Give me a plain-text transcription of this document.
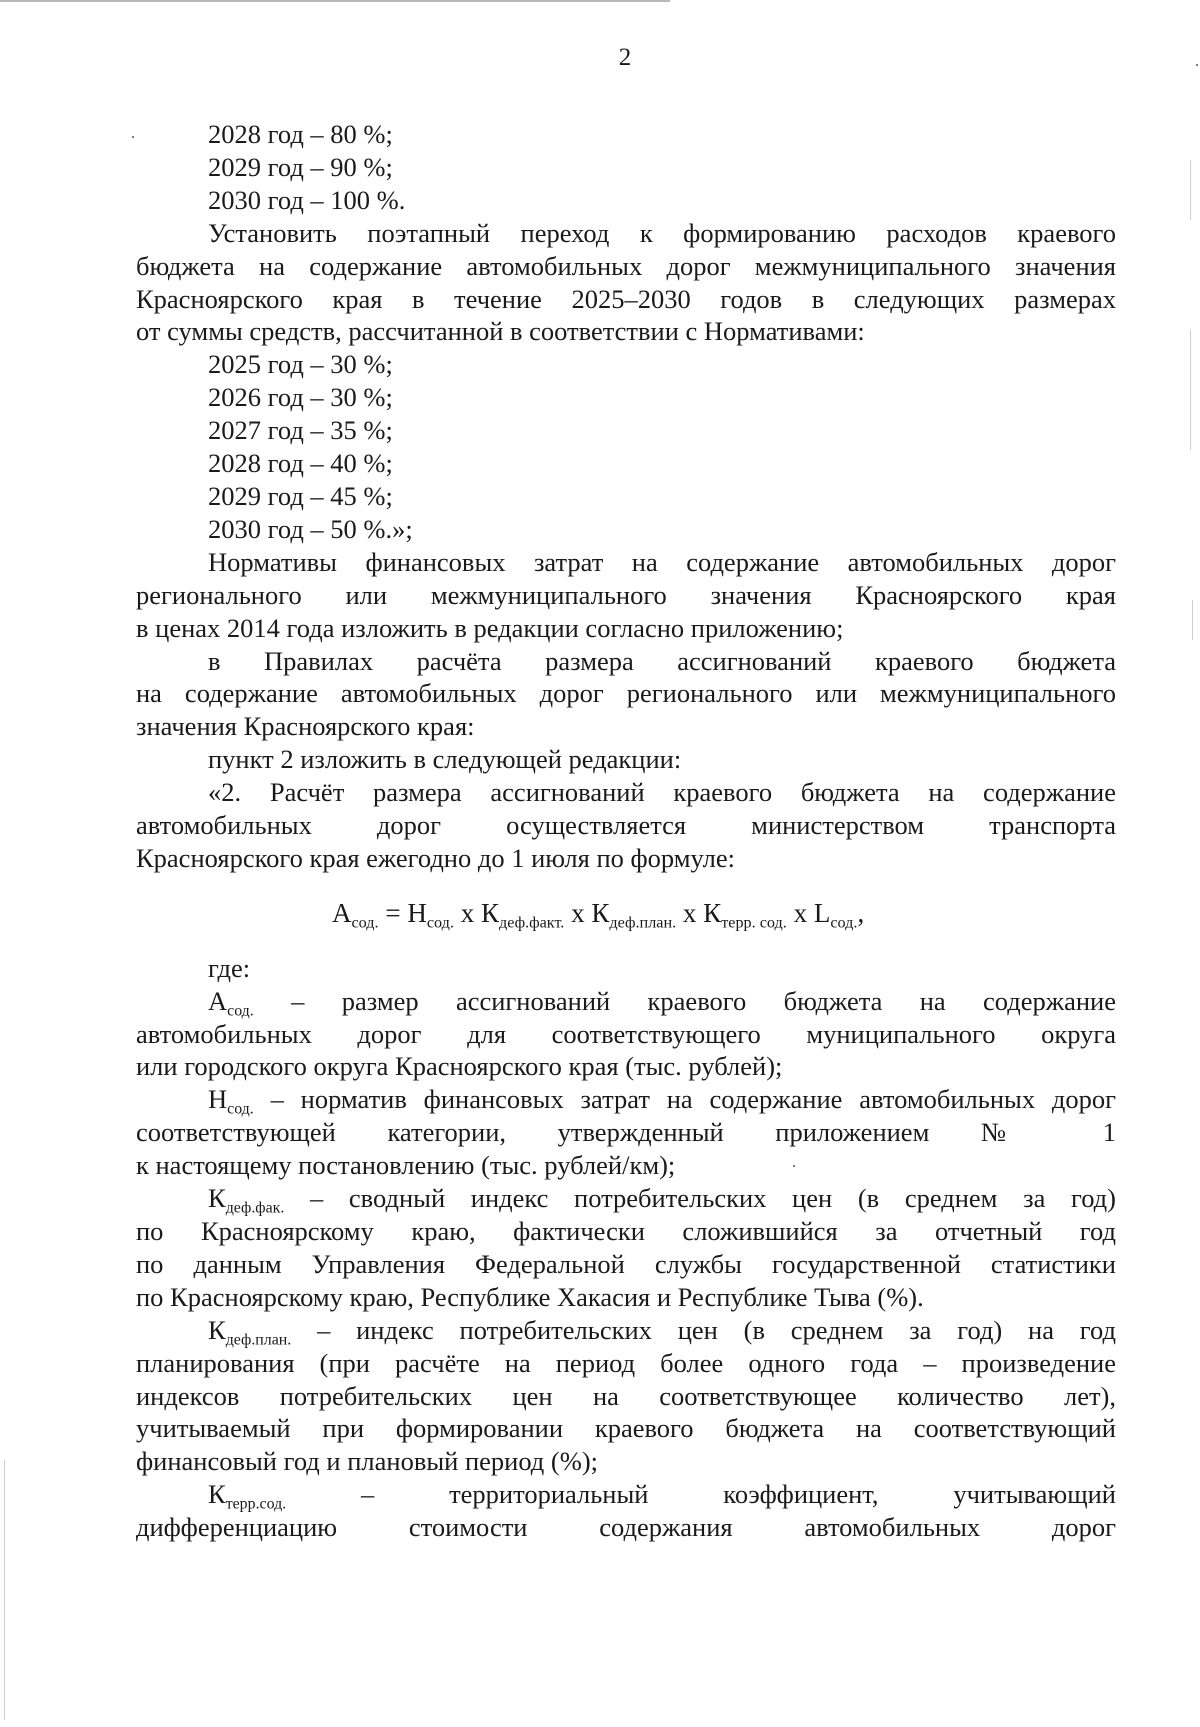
2

2028 год – 80 %;

2029 год – 90 %;

2030 год – 100 %.

Установить поэтапный переход к формированию расходов краевого

бюджета на содержание автомобильных дорог межмуниципального значения

Красноярского края в течение 2025–2030 годов в следующих размерах

от суммы средств, рассчитанной в соответствии с Нормативами:

2025 год – 30 %;

2026 год – 30 %;

2027 год – 35 %;

2028 год – 40 %;

2029 год – 45 %;

2030 год – 50 %.»;

Нормативы финансовых затрат на содержание автомобильных дорог

регионального или межмуниципального значения Красноярского края

в ценах 2014 года изложить в редакции согласно приложению;

в Правилах расчёта размера ассигнований краевого бюджета

на содержание автомобильных дорог регионального или межмуниципального

значения Красноярского края:

пункт 2 изложить в следующей редакции:

«2. Расчёт размера ассигнований краевого бюджета на содержание

автомобильных дорог осуществляется министерством транспорта

Красноярского края ежегодно до 1 июля по формуле:

$А_{сод.} = Н_{сод.}$ х $К_{деф.факт.}$ х $К_{деф.план.}$ х $К_{терр. сод.}$ х $L_{сод.}$,

где:

$А_{сод.}$ – размер ассигнований краевого бюджета на содержание

автомобильных дорог для соответствующего муниципального округа

или городского округа Красноярского края (тыс. рублей);

$Н_{сод.}$ – норматив финансовых затрат на содержание автомобильных дорог

соответствующей категории, утвержденный приложением № 1

к настоящему постановлению (тыс. рублей/км);

$К_{деф.фак.}$ – сводный индекс потребительских цен (в среднем за год)

по Красноярскому краю, фактически сложившийся за отчетный год

по данным Управления Федеральной службы государственной статистики

по Красноярскому краю, Республике Хакасия и Республике Тыва (%).

$К_{деф.план.}$ – индекс потребительских цен (в среднем за год) на год

планирования (при расчёте на период более одного года – произведение

индексов потребительских цен на соответствующее количество лет),

учитываемый при формировании краевого бюджета на соответствующий

финансовый год и плановый период (%);

$К_{терр.сод.}$ – территориальный коэффициент, учитывающий

дифференциацию стоимости содержания автомобильных дорог
